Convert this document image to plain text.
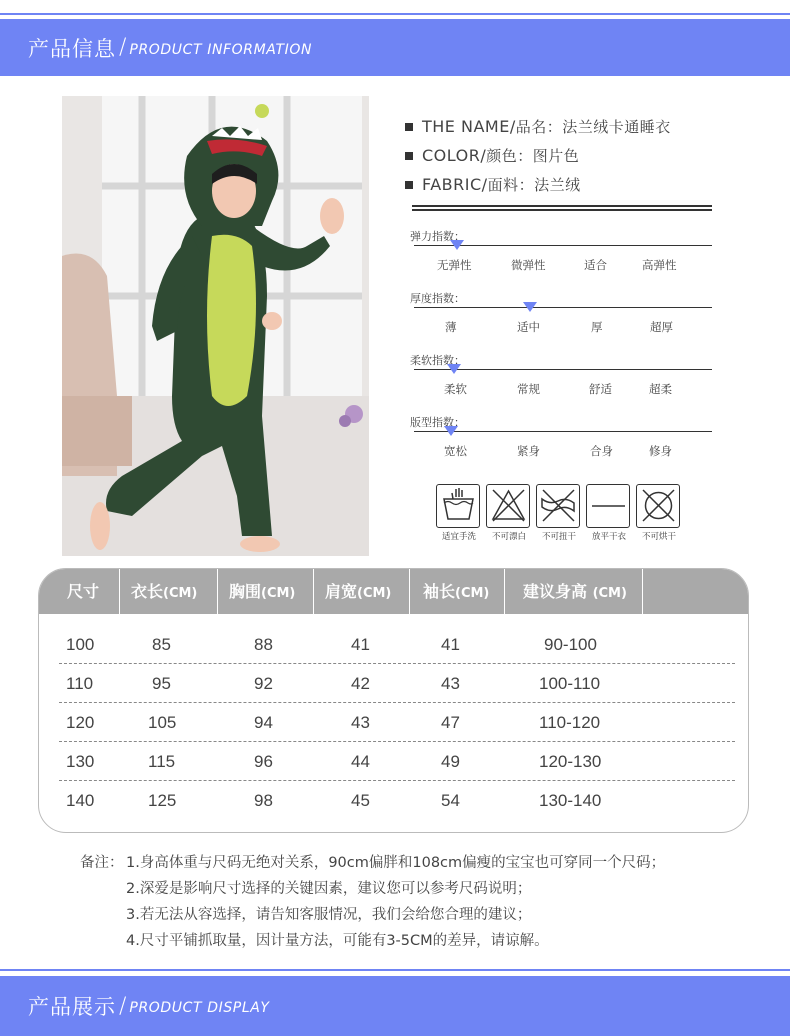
产品信息 / PRODUCT INFORMATION
THE NAME/ 品名： 法兰绒卡通睡衣
COLOR/ 颜色： 图片色
FABRIC/ 面料： 法兰绒
弹力指数：
无弹性	微弹性	适合	高弹性
厚度指数：
薄	适中	厚	超厚
柔软指数：
柔软	常规	舒适	超柔
版型指数：
宽松	紧身	合身	修身
适宜手洗	不可漂白	不可扭干	放平干衣	不可烘干
尺寸 衣长(CM) 胸围(CM) 肩宽(CM) 袖长(CM) 建议身高 (CM)
100	85	88	41	41	90-100
110	95	92	42	43	100-110
120	105	94	43	47	110-120
130	115	96	44	49	120-130
140	125	98	45	54	130-140
备注： 1.身高体重与尺码无绝对关系，90cm偏胖和108cm偏瘦的宝宝也可穿同一个尺码；
2.深爱是影响尺寸选择的关键因素，建议您可以参考尺码说明；
3.若无法从容选择，请告知客服情况，我们会给您合理的建议；
4.尺寸平铺抓取量，因计量方法，可能有3-5CM的差异，请谅解。
产品展示 / PRODUCT DISPLAY
